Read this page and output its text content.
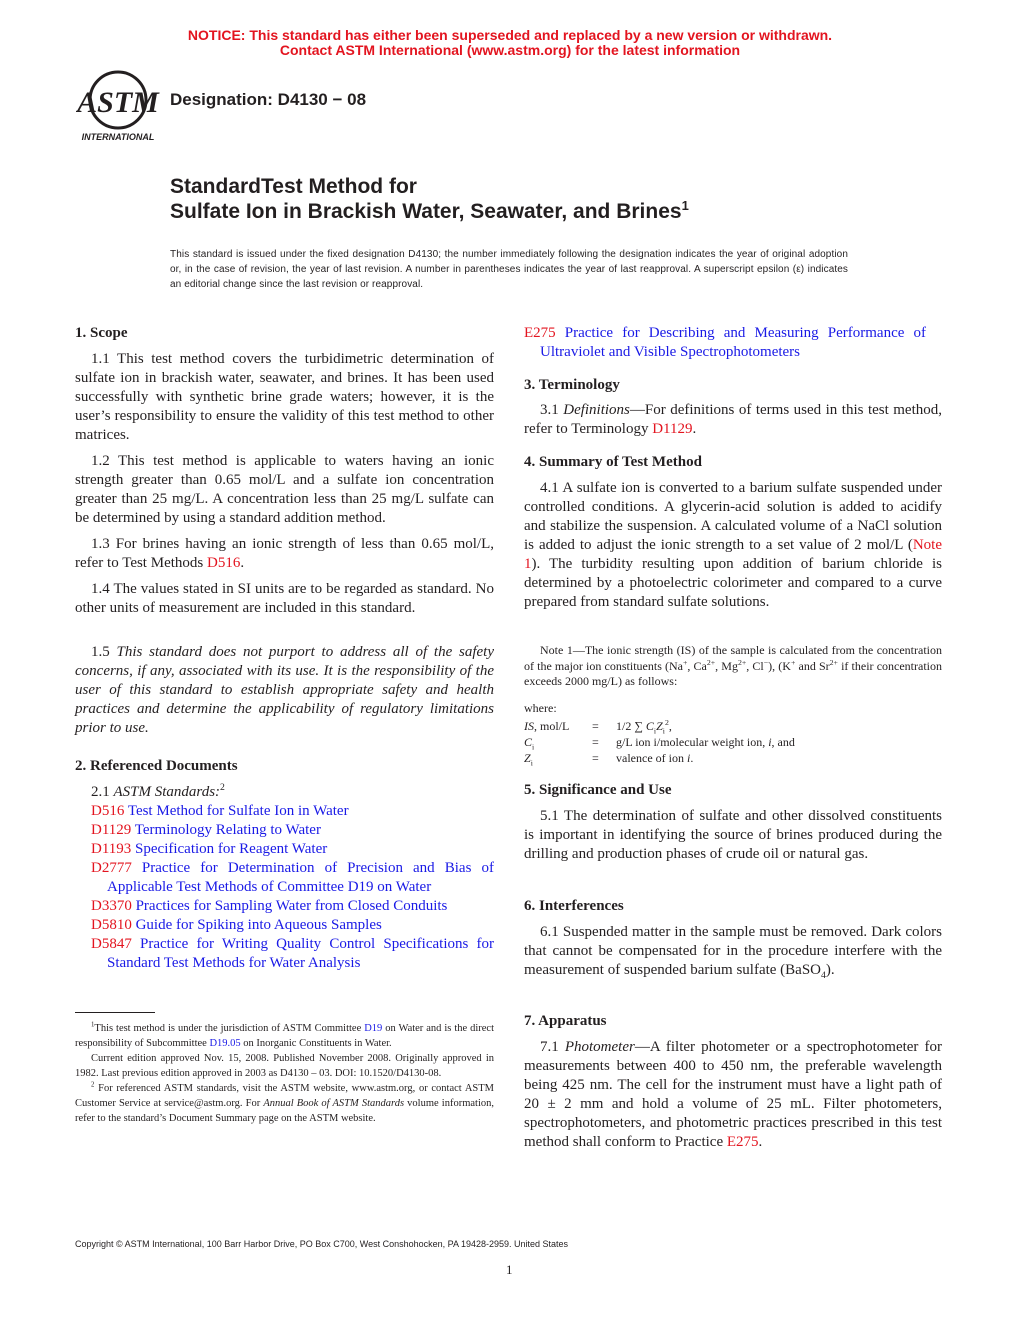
NOTICE: This standard has either been superseded and replaced by a new version or withdrawn.
Contact ASTM International (www.astm.org) for the latest information
ASTM
INTERNATIONAL
Designation: D4130 − 08
StandardTest Method for
Sulfate Ion in Brackish Water, Seawater, and Brines$^1$
This standard is issued under the fixed designation D4130; the number immediately following the designation indicates the year of original adoption or, in the case of revision, the year of last revision. A number in parentheses indicates the year of last reapproval. A superscript epsilon (ε) indicates an editorial change since the last revision or reapproval.
1. Scope
1.1 This test method covers the turbidimetric determination of sulfate ion in brackish water, seawater, and brines. It has been used successfully with synthetic brine grade waters; however, it is the user’s responsibility to ensure the validity of this test method to other matrices.
1.2 This test method is applicable to waters having an ionic strength greater than 0.65 mol/L and a sulfate ion concentration greater than 25 mg/L. A concentration less than 25 mg/L sulfate can be determined by using a standard addition method.
1.3 For brines having an ionic strength of less than 0.65 mol/L, refer to Test Methods D516.
1.4 The values stated in SI units are to be regarded as standard. No other units of measurement are included in this standard.
1.5 This standard does not purport to address all of the safety concerns, if any, associated with its use. It is the responsibility of the user of this standard to establish appropriate safety and health practices and determine the applicability of regulatory limitations prior to use.
2. Referenced Documents
2.1 ASTM Standards:$^2$
D516 Test Method for Sulfate Ion in Water
D1129 Terminology Relating to Water
D1193 Specification for Reagent Water
D2777 Practice for Determination of Precision and Bias of Applicable Test Methods of Committee D19 on Water
D3370 Practices for Sampling Water from Closed Conduits
D5810 Guide for Spiking into Aqueous Samples
D5847 Practice for Writing Quality Control Specifications for Standard Test Methods for Water Analysis
$^1$This test method is under the jurisdiction of ASTM Committee D19 on Water and is the direct responsibility of Subcommittee D19.05 on Inorganic Constituents in Water.
Current edition approved Nov. 15, 2008. Published November 2008. Originally approved in 1982. Last previous edition approved in 2003 as D4130 – 03. DOI: 10.1520/D4130-08.
$^2$ For referenced ASTM standards, visit the ASTM website, www.astm.org, or contact ASTM Customer Service at service@astm.org. For Annual Book of ASTM Standards volume information, refer to the standard’s Document Summary page on the ASTM website.
E275 Practice for Describing and Measuring Performance of Ultraviolet and Visible Spectrophotometers
3. Terminology
3.1 Definitions—For definitions of terms used in this test method, refer to Terminology D1129.
4. Summary of Test Method
4.1 A sulfate ion is converted to a barium sulfate suspended under controlled conditions. A glycerin-acid solution is added to acidify and stabilize the suspension. A calculated volume of a NaCl solution is added to adjust the ionic strength to a set value of 2 mol/L (Note 1). The turbidity resulting upon addition of barium chloride is determined by a photoelectric colorimeter and compared to a curve prepared from standard sulfate solutions.
Note 1—The ionic strength (IS) of the sample is calculated from the concentration of the major ion constituents (Na+, $Ca^{2+}$, $Mg^{2+}$, Cl−), (K+ and $Sr^{2+}$ if their concentration exceeds 2000 mg/L) as follows:
where:
IS, mol/L	=	1/2 ∑ $C_iZ_i^2$,
$C_i$	=	g/L ion i/molecular weight ion, i, and
$Z_i$	=	valence of ion i.
5. Significance and Use
5.1 The determination of sulfate and other dissolved constituents is important in identifying the source of brines produced during the drilling and production phases of crude oil or natural gas.
6. Interferences
6.1 Suspended matter in the sample must be removed. Dark colors that cannot be compensated for in the procedure interfere with the measurement of suspended barium sulfate (BaSO$_4$).
7. Apparatus
7.1 Photometer—A filter photometer or a spectrophotometer for measurements between 400 to 450 nm, the preferable wavelength being 425 nm. The cell for the instrument must have a light path of 20 ± 2 mm and hold a volume of 25 mL. Filter photometers, spectrophotometers, and photometric practices prescribed in this test method shall conform to Practice E275.
Copyright © ASTM International, 100 Barr Harbor Drive, PO Box C700, West Conshohocken, PA 19428-2959. United States
1
